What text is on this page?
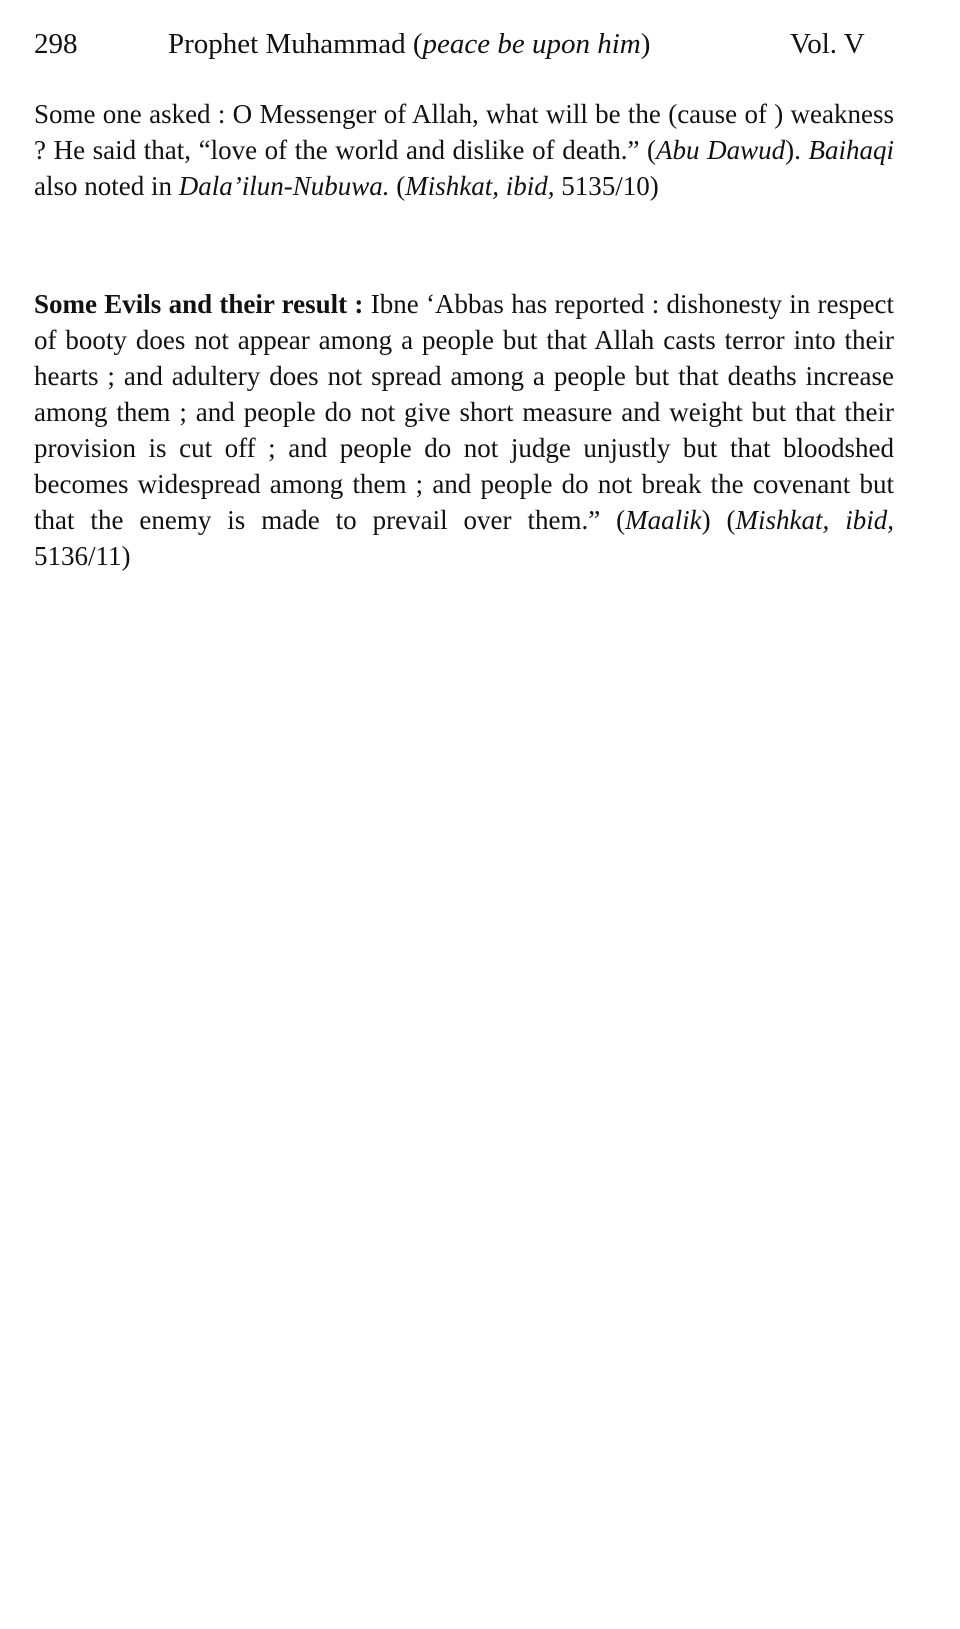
298	Prophet Muhammad (peace be upon him)	Vol. V

Some one asked : O Messenger of Allah, what will be the (cause of ) weakness ? He said that, “love of the world and dislike of death.” (Abu Dawud). Baihaqi also noted in Dala’ilun-Nubuwa. (Mishkat, ibid, 5135/10)

Some Evils and their result : Ibne ‘Abbas has reported : dishonesty in respect of booty does not appear among a people but that Allah casts terror into their hearts ; and adultery does not spread among a people but that deaths increase among them ; and people do not give short measure and weight but that their provision is cut off ; and people do not judge unjustly but that bloodshed becomes widespread among them ; and people do not break the covenant but that the enemy is made to prevail over them.” (Maalik) (Mishkat, ibid, 5136/11)
